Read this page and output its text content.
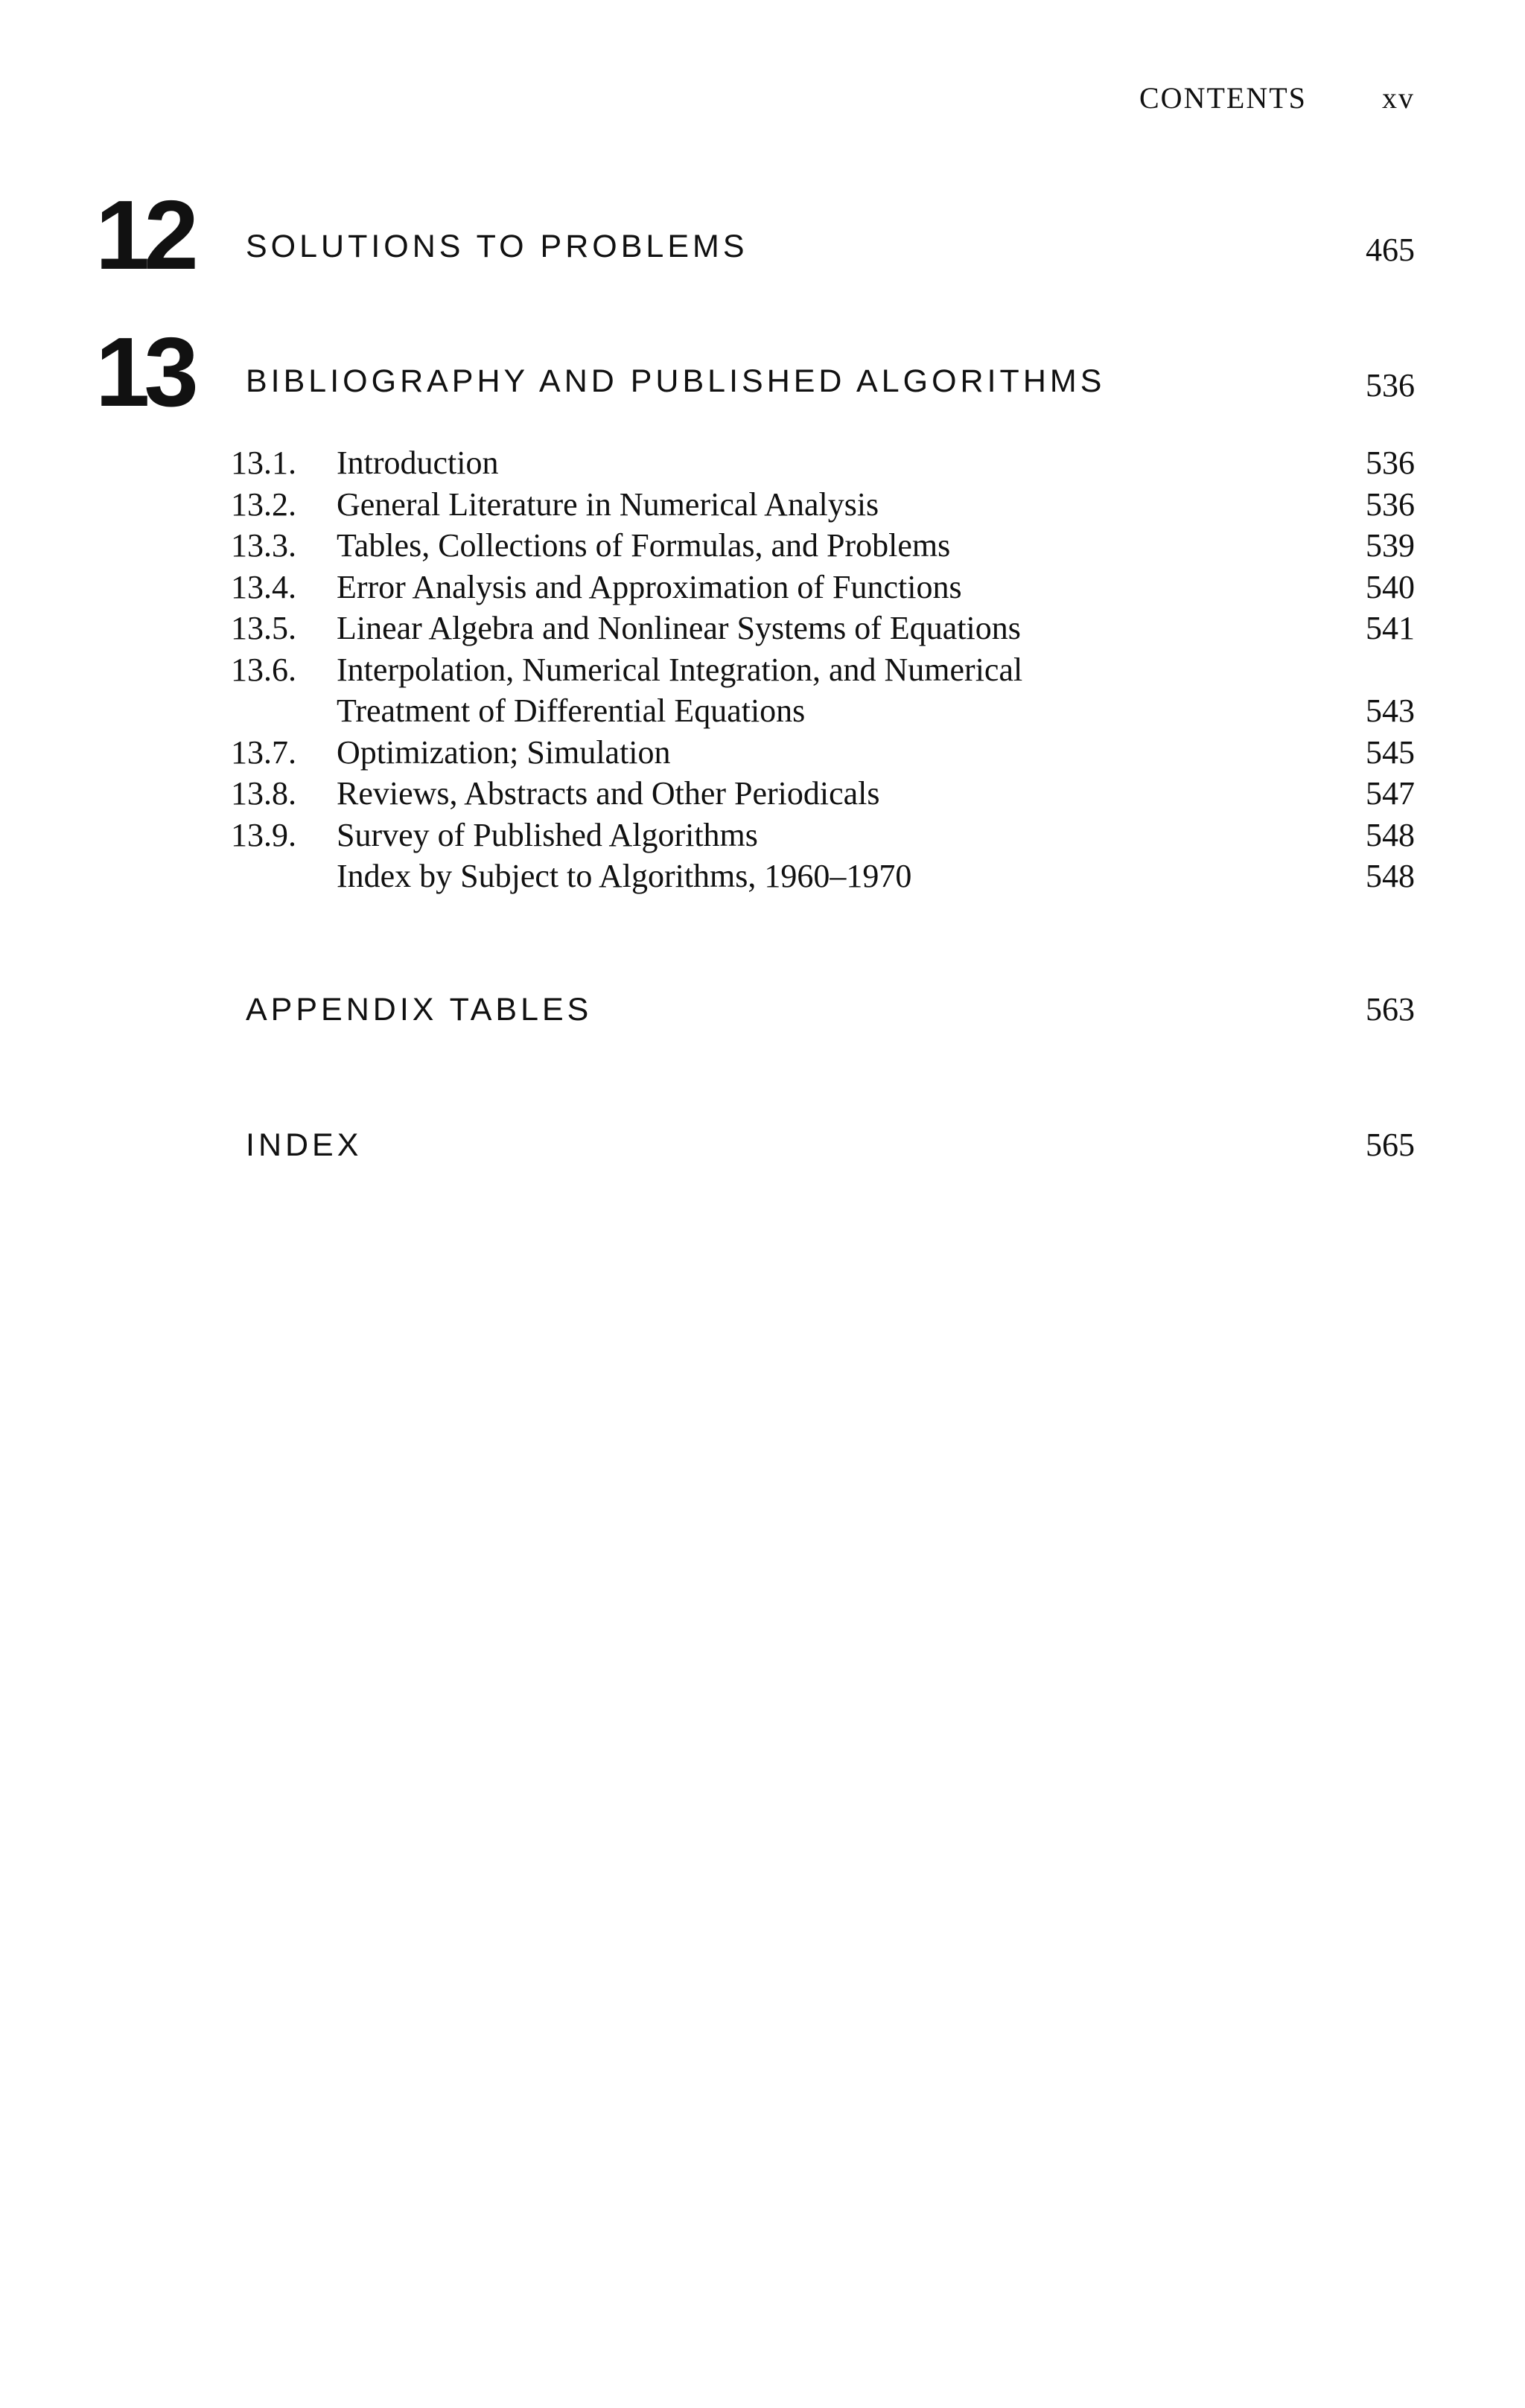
CONTENTS	xv
12 SOLUTIONS TO PROBLEMS	465
13 BIBLIOGRAPHY AND PUBLISHED ALGORITHMS	536
13.1.	Introduction	536
13.2.	General Literature in Numerical Analysis	536
13.3.	Tables, Collections of Formulas, and Problems	539
13.4.	Error Analysis and Approximation of Functions	540
13.5.	Linear Algebra and Nonlinear Systems of Equations	541
13.6.	Interpolation, Numerical Integration, and Numerical
Treatment of Differential Equations	543
13.7.	Optimization; Simulation	545
13.8.	Reviews, Abstracts and Other Periodicals	547
13.9.	Survey of Published Algorithms	548
Index by Subject to Algorithms, 1960–1970	548
APPENDIX TABLES	563
INDEX	565
